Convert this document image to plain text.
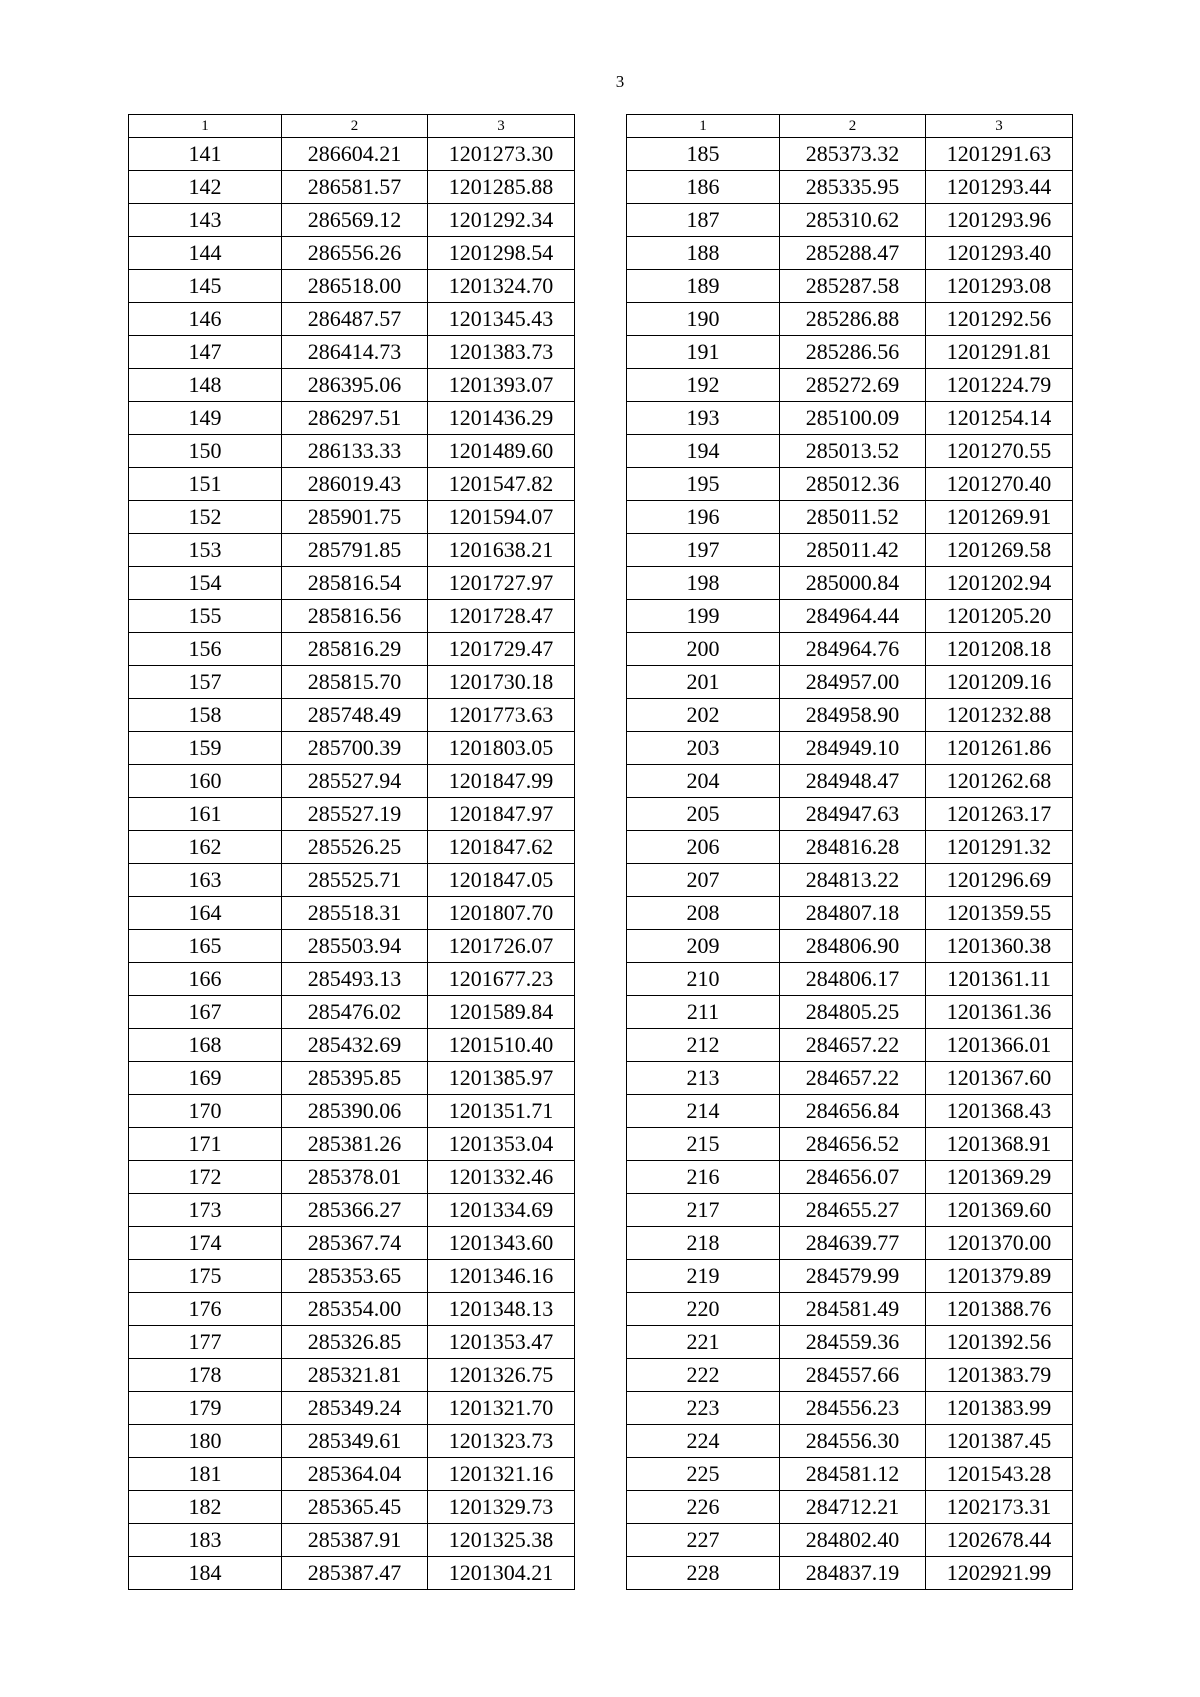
3
1	2	3
141	286604.21	1201273.30
142	286581.57	1201285.88
143	286569.12	1201292.34
144	286556.26	1201298.54
145	286518.00	1201324.70
146	286487.57	1201345.43
147	286414.73	1201383.73
148	286395.06	1201393.07
149	286297.51	1201436.29
150	286133.33	1201489.60
151	286019.43	1201547.82
152	285901.75	1201594.07
153	285791.85	1201638.21
154	285816.54	1201727.97
155	285816.56	1201728.47
156	285816.29	1201729.47
157	285815.70	1201730.18
158	285748.49	1201773.63
159	285700.39	1201803.05
160	285527.94	1201847.99
161	285527.19	1201847.97
162	285526.25	1201847.62
163	285525.71	1201847.05
164	285518.31	1201807.70
165	285503.94	1201726.07
166	285493.13	1201677.23
167	285476.02	1201589.84
168	285432.69	1201510.40
169	285395.85	1201385.97
170	285390.06	1201351.71
171	285381.26	1201353.04
172	285378.01	1201332.46
173	285366.27	1201334.69
174	285367.74	1201343.60
175	285353.65	1201346.16
176	285354.00	1201348.13
177	285326.85	1201353.47
178	285321.81	1201326.75
179	285349.24	1201321.70
180	285349.61	1201323.73
181	285364.04	1201321.16
182	285365.45	1201329.73
183	285387.91	1201325.38
184	285387.47	1201304.21
1	2	3
185	285373.32	1201291.63
186	285335.95	1201293.44
187	285310.62	1201293.96
188	285288.47	1201293.40
189	285287.58	1201293.08
190	285286.88	1201292.56
191	285286.56	1201291.81
192	285272.69	1201224.79
193	285100.09	1201254.14
194	285013.52	1201270.55
195	285012.36	1201270.40
196	285011.52	1201269.91
197	285011.42	1201269.58
198	285000.84	1201202.94
199	284964.44	1201205.20
200	284964.76	1201208.18
201	284957.00	1201209.16
202	284958.90	1201232.88
203	284949.10	1201261.86
204	284948.47	1201262.68
205	284947.63	1201263.17
206	284816.28	1201291.32
207	284813.22	1201296.69
208	284807.18	1201359.55
209	284806.90	1201360.38
210	284806.17	1201361.11
211	284805.25	1201361.36
212	284657.22	1201366.01
213	284657.22	1201367.60
214	284656.84	1201368.43
215	284656.52	1201368.91
216	284656.07	1201369.29
217	284655.27	1201369.60
218	284639.77	1201370.00
219	284579.99	1201379.89
220	284581.49	1201388.76
221	284559.36	1201392.56
222	284557.66	1201383.79
223	284556.23	1201383.99
224	284556.30	1201387.45
225	284581.12	1201543.28
226	284712.21	1202173.31
227	284802.40	1202678.44
228	284837.19	1202921.99
